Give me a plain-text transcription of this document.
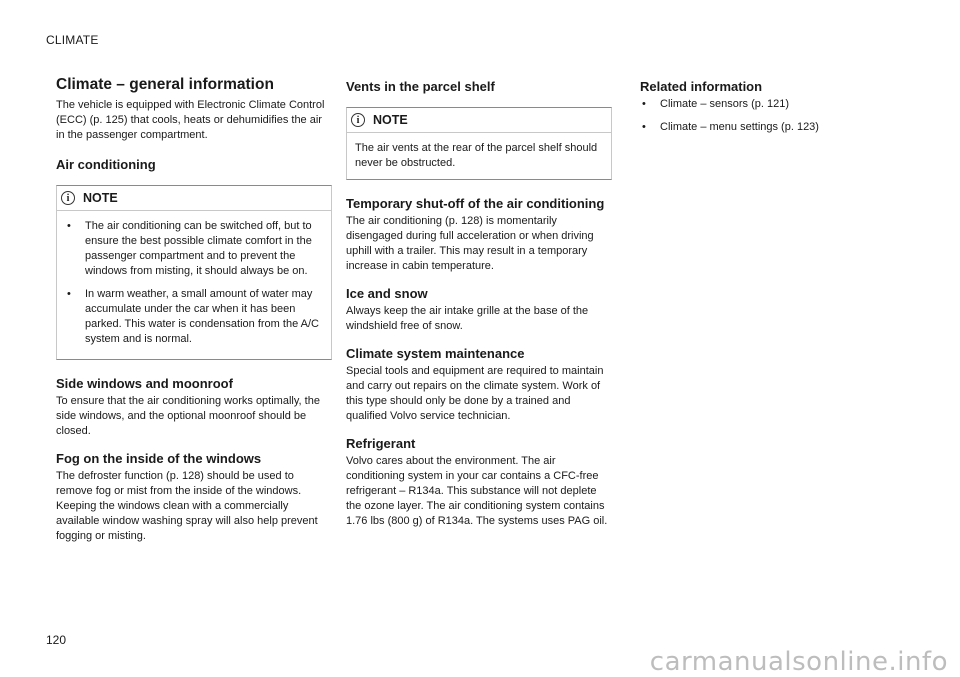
CLIMATE
Climate – general information

The vehicle is equipped with Electronic Climate Control (ECC) (p. 125) that cools, heats or dehumidifies the air in the passenger compartment.

Air conditioning
i	NOTE
• The air conditioning can be switched off, but to ensure the best possible climate comfort in the passenger compartment and to prevent the windows from misting, it should always be on.
• In warm weather, a small amount of water may accumulate under the car when it has been parked. This water is condensation from the A/C system and is normal.
Side windows and moonroof

To ensure that the air conditioning works optimally, the side windows, and the optional moonroof should be closed.

Fog on the inside of the windows

The defroster function (p. 128) should be used to remove fog or mist from the inside of the windows. Keeping the windows clean with a commercially available window washing spray will also help prevent fogging or misting.

Vents in the parcel shelf
i	NOTE

The air vents at the rear of the parcel shelf should never be obstructed.

Temporary shut-off of the air conditioning

The air conditioning (p. 128) is momentarily disengaged during full acceleration or when driving uphill with a trailer. This may result in a temporary increase in cabin temperature.

Ice and snow

Always keep the air intake grille at the base of the windshield free of snow.

Climate system maintenance

Special tools and equipment are required to maintain and carry out repairs on the climate system. Work of this type should only be done by a trained and qualified Volvo service technician.

Refrigerant

Volvo cares about the environment. The air conditioning system in your car contains a CFC-free refrigerant – R134a. This substance will not deplete the ozone layer. The air conditioning system contains 1.76 lbs (800 g) of R134a. The systems uses PAG oil.

Related information
• Climate – sensors (p. 121)
• Climate – menu settings (p. 123)
120
carmanualsonline.info
